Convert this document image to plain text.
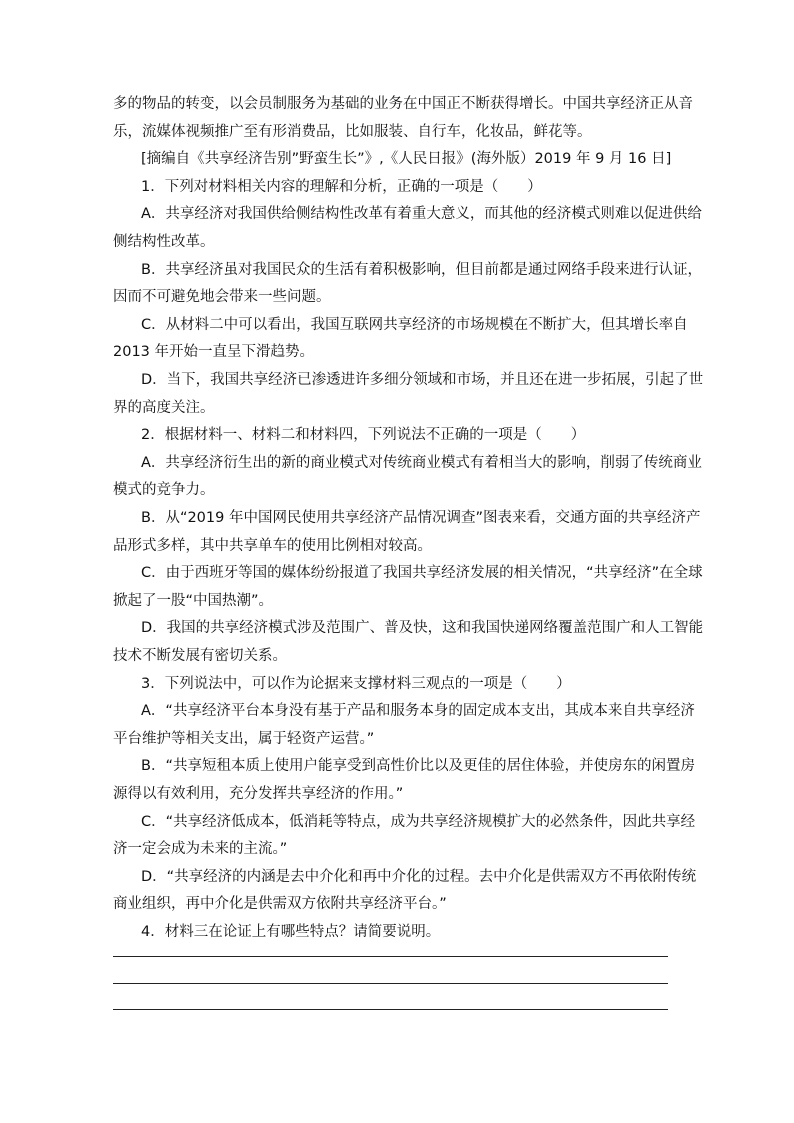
多的物品的转变，以会员制服务为基础的业务在中国正不断获得增长。中国共享经济正从音
乐，流媒体视频推广至有形消费品，比如服装、自行车，化妆品，鲜花等。
[摘编自《共享经济告别”野蛮生长”》,《人民日报》(海外版）2019 年 9 月 16 日]
1．下列对材料相关内容的理解和分析，正确的一项是（　　）
A．共享经济对我国供给侧结构性改革有着重大意义，而其他的经济模式则难以促进供给
侧结构性改革。
B．共享经济虽对我国民众的生活有着积极影响，但目前都是通过网络手段来进行认证，
因而不可避免地会带来一些问题。
C．从材料二中可以看出，我国互联网共享经济的市场规模在不断扩大，但其增长率自
2013 年开始一直呈下滑趋势。
D．当下，我国共享经济已渗透进许多细分领域和市场，并且还在进一步拓展，引起了世
界的高度关注。
2．根据材料一、材料二和材料四，下列说法不正确的一项是（　　）
A．共享经济衍生出的新的商业模式对传统商业模式有着相当大的影响，削弱了传统商业
模式的竞争力。
B．从“2019 年中国网民使用共享经济产品情况调查”图表来看，交通方面的共享经济产
品形式多样，其中共享单车的使用比例相对较高。
C．由于西班牙等国的媒体纷纷报道了我国共享经济发展的相关情况，“共享经济”在全球
掀起了一股“中国热潮”。
D．我国的共享经济模式涉及范围广、普及快，这和我国快递网络覆盖范围广和人工智能
技术不断发展有密切关系。
3．下列说法中，可以作为论据来支撑材料三观点的一项是（　　）
A．“共享经济平台本身没有基于产品和服务本身的固定成本支出，其成本来自共享经济
平台维护等相关支出，属于轻资产运营。”
B．“共享短租本质上使用户能享受到高性价比以及更佳的居住体验，并使房东的闲置房
源得以有效利用，充分发挥共享经济的作用。”
C．“共享经济低成本，低消耗等特点，成为共享经济规模扩大的必然条件，因此共享经
济一定会成为未来的主流。”
D．“共享经济的内涵是去中介化和再中介化的过程。去中介化是供需双方不再依附传统
商业组织，再中介化是供需双方依附共享经济平台。”
4．材料三在论证上有哪些特点？请简要说明。
